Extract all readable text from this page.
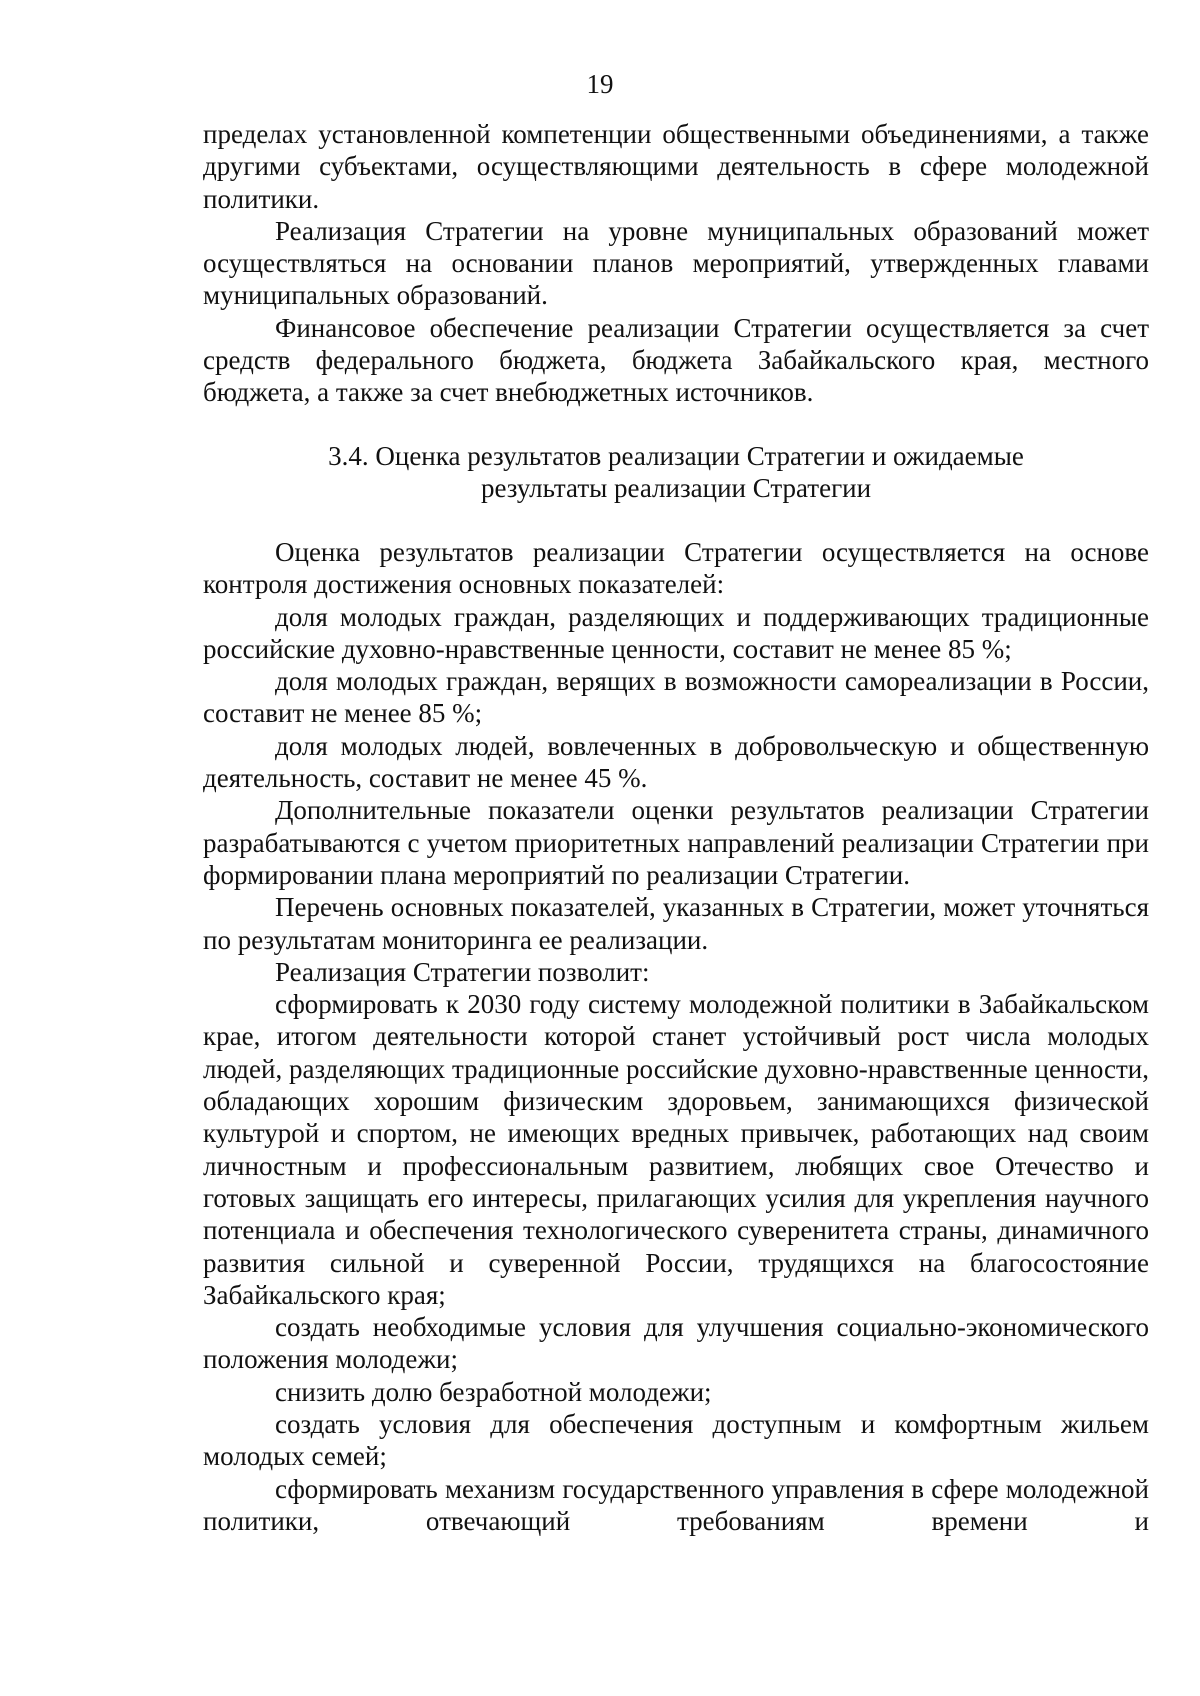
19

пределах установленной компетенции общественными объединениями, а также другими субъектами, осуществляющими деятельность в сфере молодежной политики.

Реализация Стратегии на уровне муниципальных образований может осуществляться на основании планов мероприятий, утвержденных главами муниципальных образований.

Финансовое обеспечение реализации Стратегии осуществляется за счет средств федерального бюджета, бюджета Забайкальского края, местного бюджета, а также за счет внебюджетных источников.

3.4. Оценка результатов реализации Стратегии и ожидаемые
результаты реализации Стратегии

Оценка результатов реализации Стратегии осуществляется на основе контроля достижения основных показателей:

доля молодых граждан, разделяющих и поддерживающих традиционные российские духовно-нравственные ценности, составит не менее 85 %;

доля молодых граждан, верящих в возможности самореализации в России, составит не менее 85 %;

доля молодых людей, вовлеченных в добровольческую и общественную деятельность, составит не менее 45 %.

Дополнительные показатели оценки результатов реализации Стратегии разрабатываются с учетом приоритетных направлений реализации Стратегии при формировании плана мероприятий по реализации Стратегии.

Перечень основных показателей, указанных в Стратегии, может уточняться по результатам мониторинга ее реализации.

Реализация Стратегии позволит:

сформировать к 2030 году систему молодежной политики в Забайкальском крае, итогом деятельности которой станет устойчивый рост числа молодых людей, разделяющих традиционные российские духовно-нравственные ценности, обладающих хорошим физическим здоровьем, занимающихся физической культурой и спортом, не имеющих вредных привычек, работающих над своим личностным и профессиональным развитием, любящих свое Отечество и готовых защищать его интересы, прилагающих усилия для укрепления научного потенциала и обеспечения технологического суверенитета страны, динамичного развития сильной и суверенной России, трудящихся на благосостояние Забайкальского края;

создать необходимые условия для улучшения социально-экономического положения молодежи;

снизить долю безработной молодежи;

создать условия для обеспечения доступным и комфортным жильем молодых семей;

сформировать механизм государственного управления в сфере молодежной политики, отвечающий требованиям времени и
